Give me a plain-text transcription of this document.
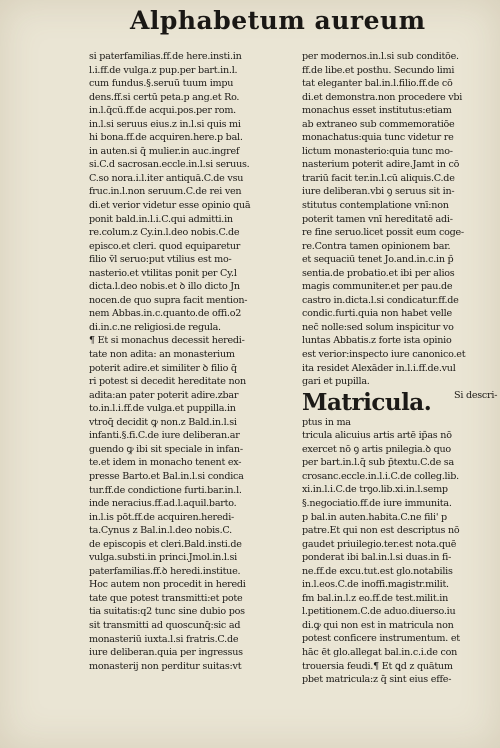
Alphabetum aureum
si paterfamilias.ff.de here.insti.in
l.i.ff.de vulga.z pup.per bart.in.l.
cum fundus.§.seruū tuum impu
dens.ff.si certū peta.p ang.et Ro.
in.l.q̄cū.ff.de acqui.pos.per rom.
in.l.si seruus eius.z in.l.si quis mi
hi bona.ff.de acquiren.here.p bal.
in auten.si q̄ mulier.in auc.ingref
si.C.d sacrosan.eccle.in.l.si seruus.
C.so nora.i.l.iter antiquā.C.de vsu
fruc.in.l.non seruum.C.de rei ven
di.et verior videtur esse opinio quā
ponit bald.in.l.i.C.qui admitti.in
re.colum.z Cy.in.l.deo nobis.C.de
episco.et cleri. quod equiparetur
filio v̄l seruo:put vtilius est mo-
nasterio.et vtilitas ponit per Cy.l
dicta.l.deo nobis.et ꝺ illo dicto Jn
nocen.de quo supra facit mention-
nem Abbas.in.c.quanto.de offi.o2
di.in.c.ne religiosi.de regula.
¶ Et si monachus decessit heredi-
tate non adita: an monasterium
poterit adire.et similiter ꝺ filio q̄
ri potest si decedit hereditate non
adita:an pater poterit adire.zbar
to.in.l.i.ff.de vulga.et puppilla.in
vtroq̄ decidit ꝙ non.z Bald.in.l.si
infanti.§.fi.C.de iure deliberan.ar
guendo ꝙ ibi sit speciale in infan-
te.et idem in monacho tenent ex-
presse Barto.et Bal.in.l.si condica
tur.ff.de condictione furti.bar.in.l.
inde neracius.ff.ad.l.aquil.barto.
in.l.is pōt.ff.de acquiren.heredi-
ta.Cynus z Bal.in.l.deo nobis.C.
de episcopis et cleri.Bald.insti.de
vulga.substi.in princi.Jmol.in.l.si
paterfamilias.ff.ꝺ heredi.institue.
Hoc autem non procedit in heredi
tate que potest transmitti:et pote
tia suitatis:q2 tunc sine dubio pos
sit transmitti ad quoscunq̄:sic ad
monasteriū iuxta.l.si fratris.C.de
iure deliberan.quia per ingressus
monasterij non perditur suitas:vt
per modernos.in.l.si sub conditōe.
ff.de libe.et posthu. Secundo limi
tat eleganter bal.in.l.filio.ff.de cō
di.et demonstra.non procedere vbi
monachus esset institutus:etiam
ab extraneo sub commemoratiōe
monachatus:quia tunc videtur re
lictum monasterio:quia tunc mo-
nasterium poterit adire.Jamt in cō
trariū facit ter.in.l.cū aliquis.C.de
iure deliberan.vbi ꝯ seruus sit in-
stitutus contemplatione vnī:non
poterit tamen vnī hereditatē adi-
re fine seruo.licet possit eum coge-
re.Contra tamen opinionem bar.
et sequaciū tenet Jo.and.in.c.in p̄
sentia.de probatio.et ibi per alios
magis communiter.et per pau.de
castro in.dicta.l.si condicatur.ff.de
condic.furti.quia non habet velle
nec̄ nolle:sed solum inspicitur vo
luntas Abbatis.z forte ista opinio
est verior:inspecto iure canonico.et
ita residet Alexāder in.l.i.ff.de.vul
gari et pupilla.
Matricula. Si descri-
ptus in ma
tricula alicuius artis artē ip̄as nō
exercet nō ꝯ artis pnilegia.ꝺ quo
per bart.in.l.q̄ sub p̄textu.C.de sa
crosanc.eccle.in.l.i.C.de colleg.lib.
xi.in.l.i.C.de trꝯo.lib.xi.in.l.semp
§.negociatio.ff.de iure immunita.
p bal.in auten.habita.C.ne fili' p
patre.Et qui non est descriptus nō
gaudet priuilegio.ter.est nota.quē
ponderat ibi bal.in.l.si duas.in fi-
ne.ff.de excu.tut.est glo.notabilis
in.l.eos.C.de inoffi.magistr.milit.
fm bal.in.l.z eo.ff.de test.milit.in
l.petitionem.C.de aduo.diuerso.iu
di.ꝙ qui non est in matricula non
potest conficere instrumentum. et
hāc ēt glo.allegat bal.in.c.i.de con
trouersia feudi.¶ Et ꝗd z quātum
pbet matricula:z q̄ sint eius effe-
